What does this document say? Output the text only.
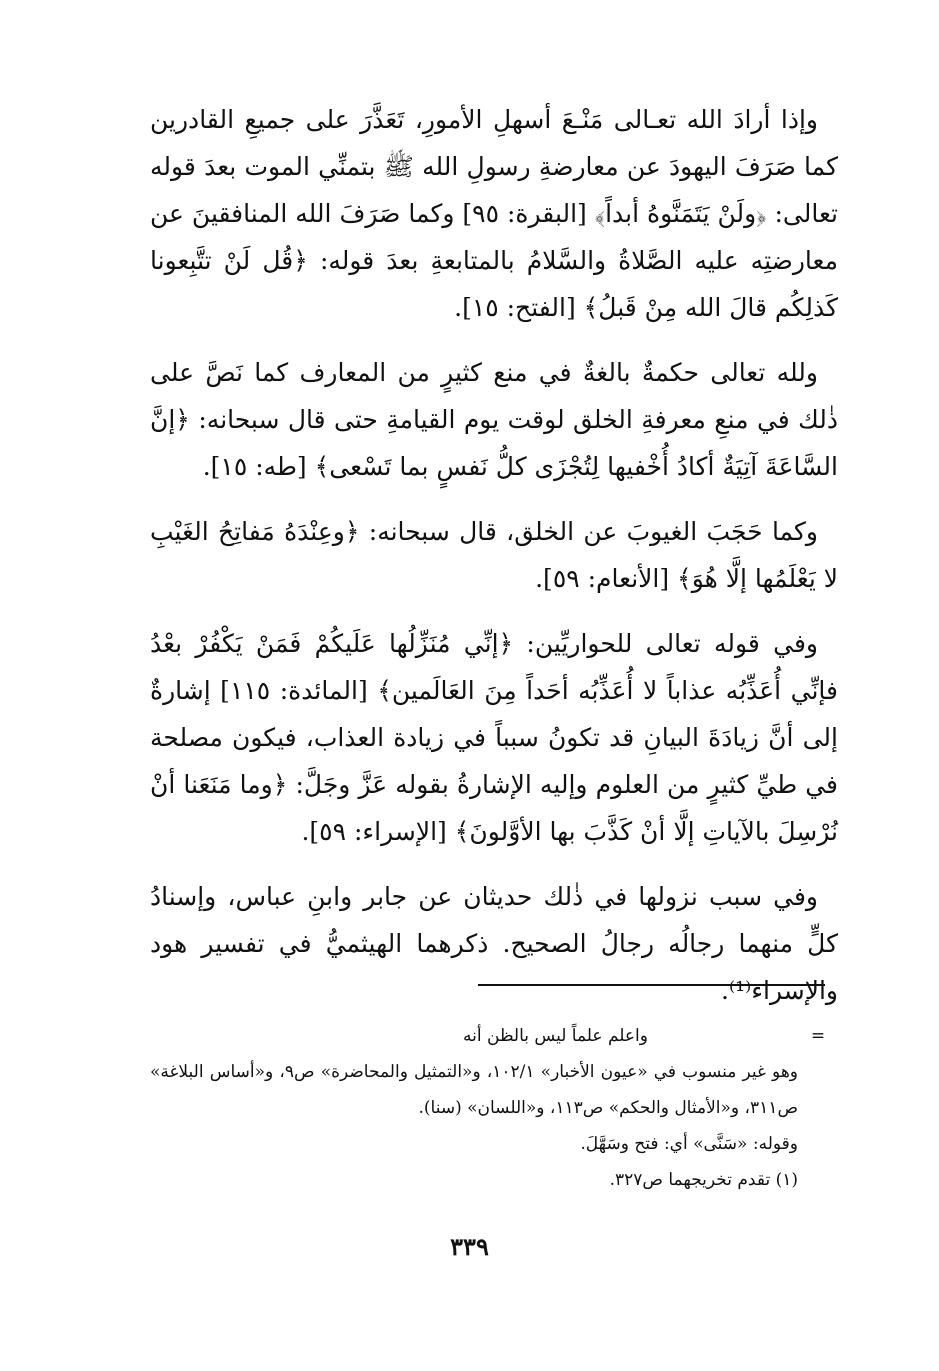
وإذا أرادَ الله تعـالى مَنْـعَ أسهلِ الأمورِ، تَعَذَّرَ على جميعِ القادرين كما صَرَفَ اليهودَ عن معارضةِ رسولِ الله ﷺ بتمنِّي الموت بعدَ قوله تعالى: ﴿ولَنْ يَتَمَنَّوهُ أبداً﴾ [البقرة: ٩٥] وكما صَرَفَ الله المنافقينَ عن معارضتِه عليه الصَّلاةُ والسَّلامُ بالمتابعةِ بعدَ قوله: ﴿قُل لَنْ تتَّبِعونا كَذلِكُم قالَ الله مِنْ قَبلُ﴾ [الفتح: ١٥].

ولله تعالى حكمةٌ بالغةٌ في منع كثيرٍ من المعارف كما نَصَّ على ذٰلك في منعِ معرفةِ الخلق لوقت يوم القيامةِ حتى قال سبحانه: ﴿إنَّ السَّاعَةَ آتِيَةٌ أكادُ أُخْفيها لِتُجْزَى كلُّ نَفسٍ بما تَسْعى﴾ [طه: ١٥].

وكما حَجَبَ الغيوبَ عن الخلق، قال سبحانه: ﴿وعِنْدَهُ مَفاتِحُ الغَيْبِ لا يَعْلَمُها إلَّا هُوَ﴾ [الأنعام: ٥٩].

وفي قوله تعالى للحواريِّين: ﴿إنِّي مُنَزِّلُها عَلَيكُمْ فَمَنْ يَكْفُرْ بعْدُ فإنِّي أُعَذِّبُه عذاباً لا أُعَذِّبُه أحَداً مِنَ العَالَمين﴾ [المائدة: ١١٥] إشارةٌ إلى أنَّ زيادَةَ البيانِ قد تكونُ سبباً في زيادة العذاب، فيكون مصلحة في طيِّ كثيرٍ من العلوم وإليه الإشارةُ بقوله عَزَّ وجَلَّ: ﴿وما مَنَعَنا أنْ نُرْسِلَ بالآياتِ إلَّا أنْ كَذَّبَ بها الأوَّلونَ﴾ [الإسراء: ٥٩].

وفي سبب نزولها في ذٰلك حديثان عن جابر وابنِ عباس، وإسنادُ كلٍّ منهما رجالُه رجالُ الصحيح. ذكرهما الهيثميُّ في تفسير هود والإسراء⁽¹⁾.

=
واعلم علماً ليس بالظن أنه

وهو غير منسوب في «عيون الأخبار» ١٠٢/١، و«التمثيل والمحاضرة» ص٩، و«أساس البلاغة» ص٣١١، و«الأمثال والحكم» ص١١٣، و«اللسان» (سنا).

وقوله: «سَنَّى» أي: فتح وسَهَّلَ.

(١) تقدم تخريجهما ص٣٢٧.

٣٣٩
